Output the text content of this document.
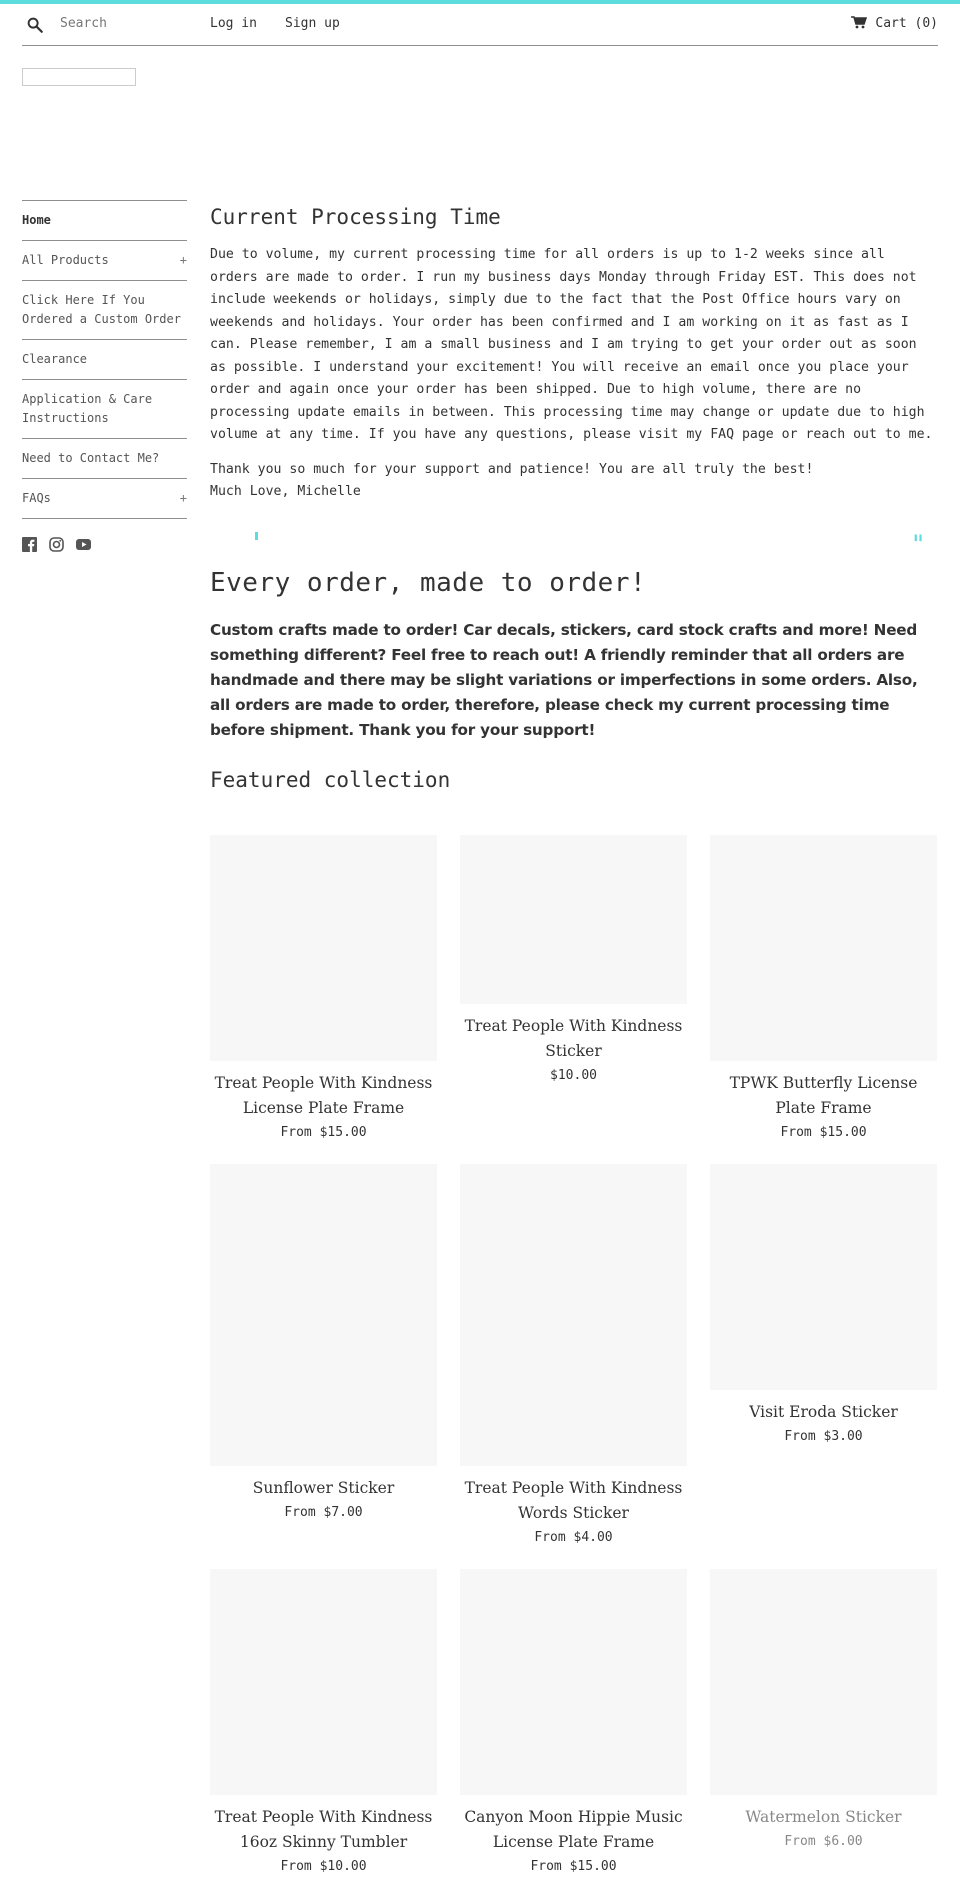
Search
Log in Sign up	Cart (0)
Home
All Products	+
Click Here If You Ordered a Custom Order
Clearance
Application & Care Instructions
Need to Contact Me?
FAQs	+
Current Processing Time

Due to volume, my current processing time for all orders is up to 1-2 weeks since all orders are made to order. I run my business days Monday through Friday EST. This does not include weekends or holidays, simply due to the fact that the Post Office hours vary on weekends and holidays. Your order has been confirmed and I am working on it as fast as I can. Please remember, I am a small business and I am trying to get your order out as soon as possible. I understand your excitement! You will receive an email once you place your order and again once your order has been shipped. Due to high volume, there are no processing update emails in between. This processing time may change or update due to high volume at any time. If you have any questions, please visit my FAQ page or reach out to me.

Thank you so much for your support and patience! You are all truly the best!
Much Love, Michelle

❚❚
Every order, made to order!

Custom crafts made to order! Car decals, stickers, card stock crafts and more! Need something different? Feel free to reach out! A friendly reminder that all orders are handmade and there may be slight variations or imperfections in some orders. Also, all orders are made to order, therefore, please check my current processing time before shipment. Thank you for your support!

Featured collection
Treat People With Kindness License Plate Frame
From $15.00
Treat People With Kindness Sticker
$10.00	TPWK Butterfly License Plate Frame
From $15.00
Sunflower Sticker
From $7.00
Treat People With Kindness Words Sticker
From $4.00
Visit Eroda Sticker
From $3.00
Treat People With Kindness 16oz Skinny Tumbler
From $10.00
Canyon Moon Hippie Music License Plate Frame
From $15.00
Watermelon Sticker
From $6.00
